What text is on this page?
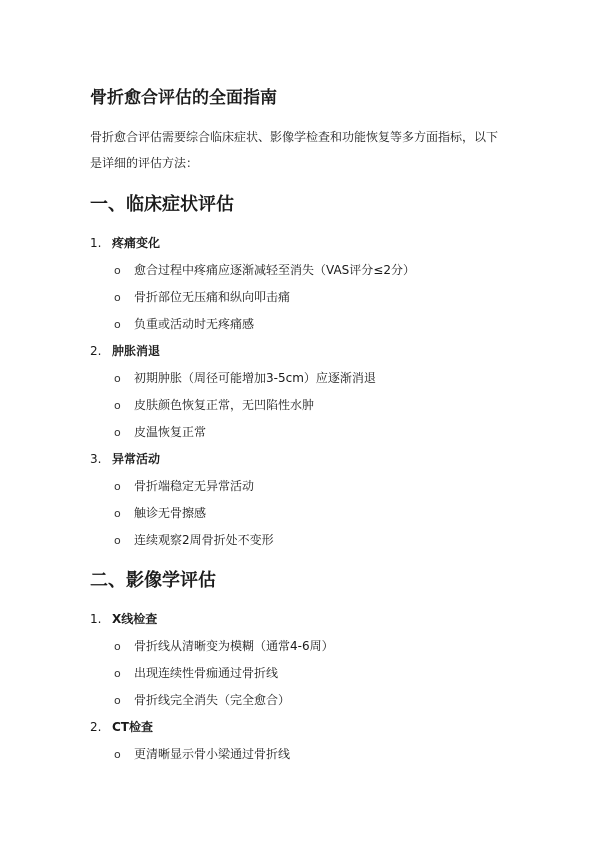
骨折愈合评估的全面指南

骨折愈合评估需要综合临床症状、影像学检查和功能恢复等多方面指标，以下是详细的评估方法：

一、临床症状评估
1. 疼痛变化
o	愈合过程中疼痛应逐渐减轻至消失（VAS评分≤2分）
o	骨折部位无压痛和纵向叩击痛
o	负重或活动时无疼痛感
2. 肿胀消退
o	初期肿胀（周径可能增加3-5cm）应逐渐消退
o	皮肤颜色恢复正常，无凹陷性水肿
o	皮温恢复正常
3. 异常活动
o	骨折端稳定无异常活动
o	触诊无骨擦感
o	连续观察2周骨折处不变形
二、影像学评估
1. X线检查
o	骨折线从清晰变为模糊（通常4-6周）
o	出现连续性骨痂通过骨折线
o	骨折线完全消失（完全愈合）
2. CT检查
o	更清晰显示骨小梁通过骨折线
